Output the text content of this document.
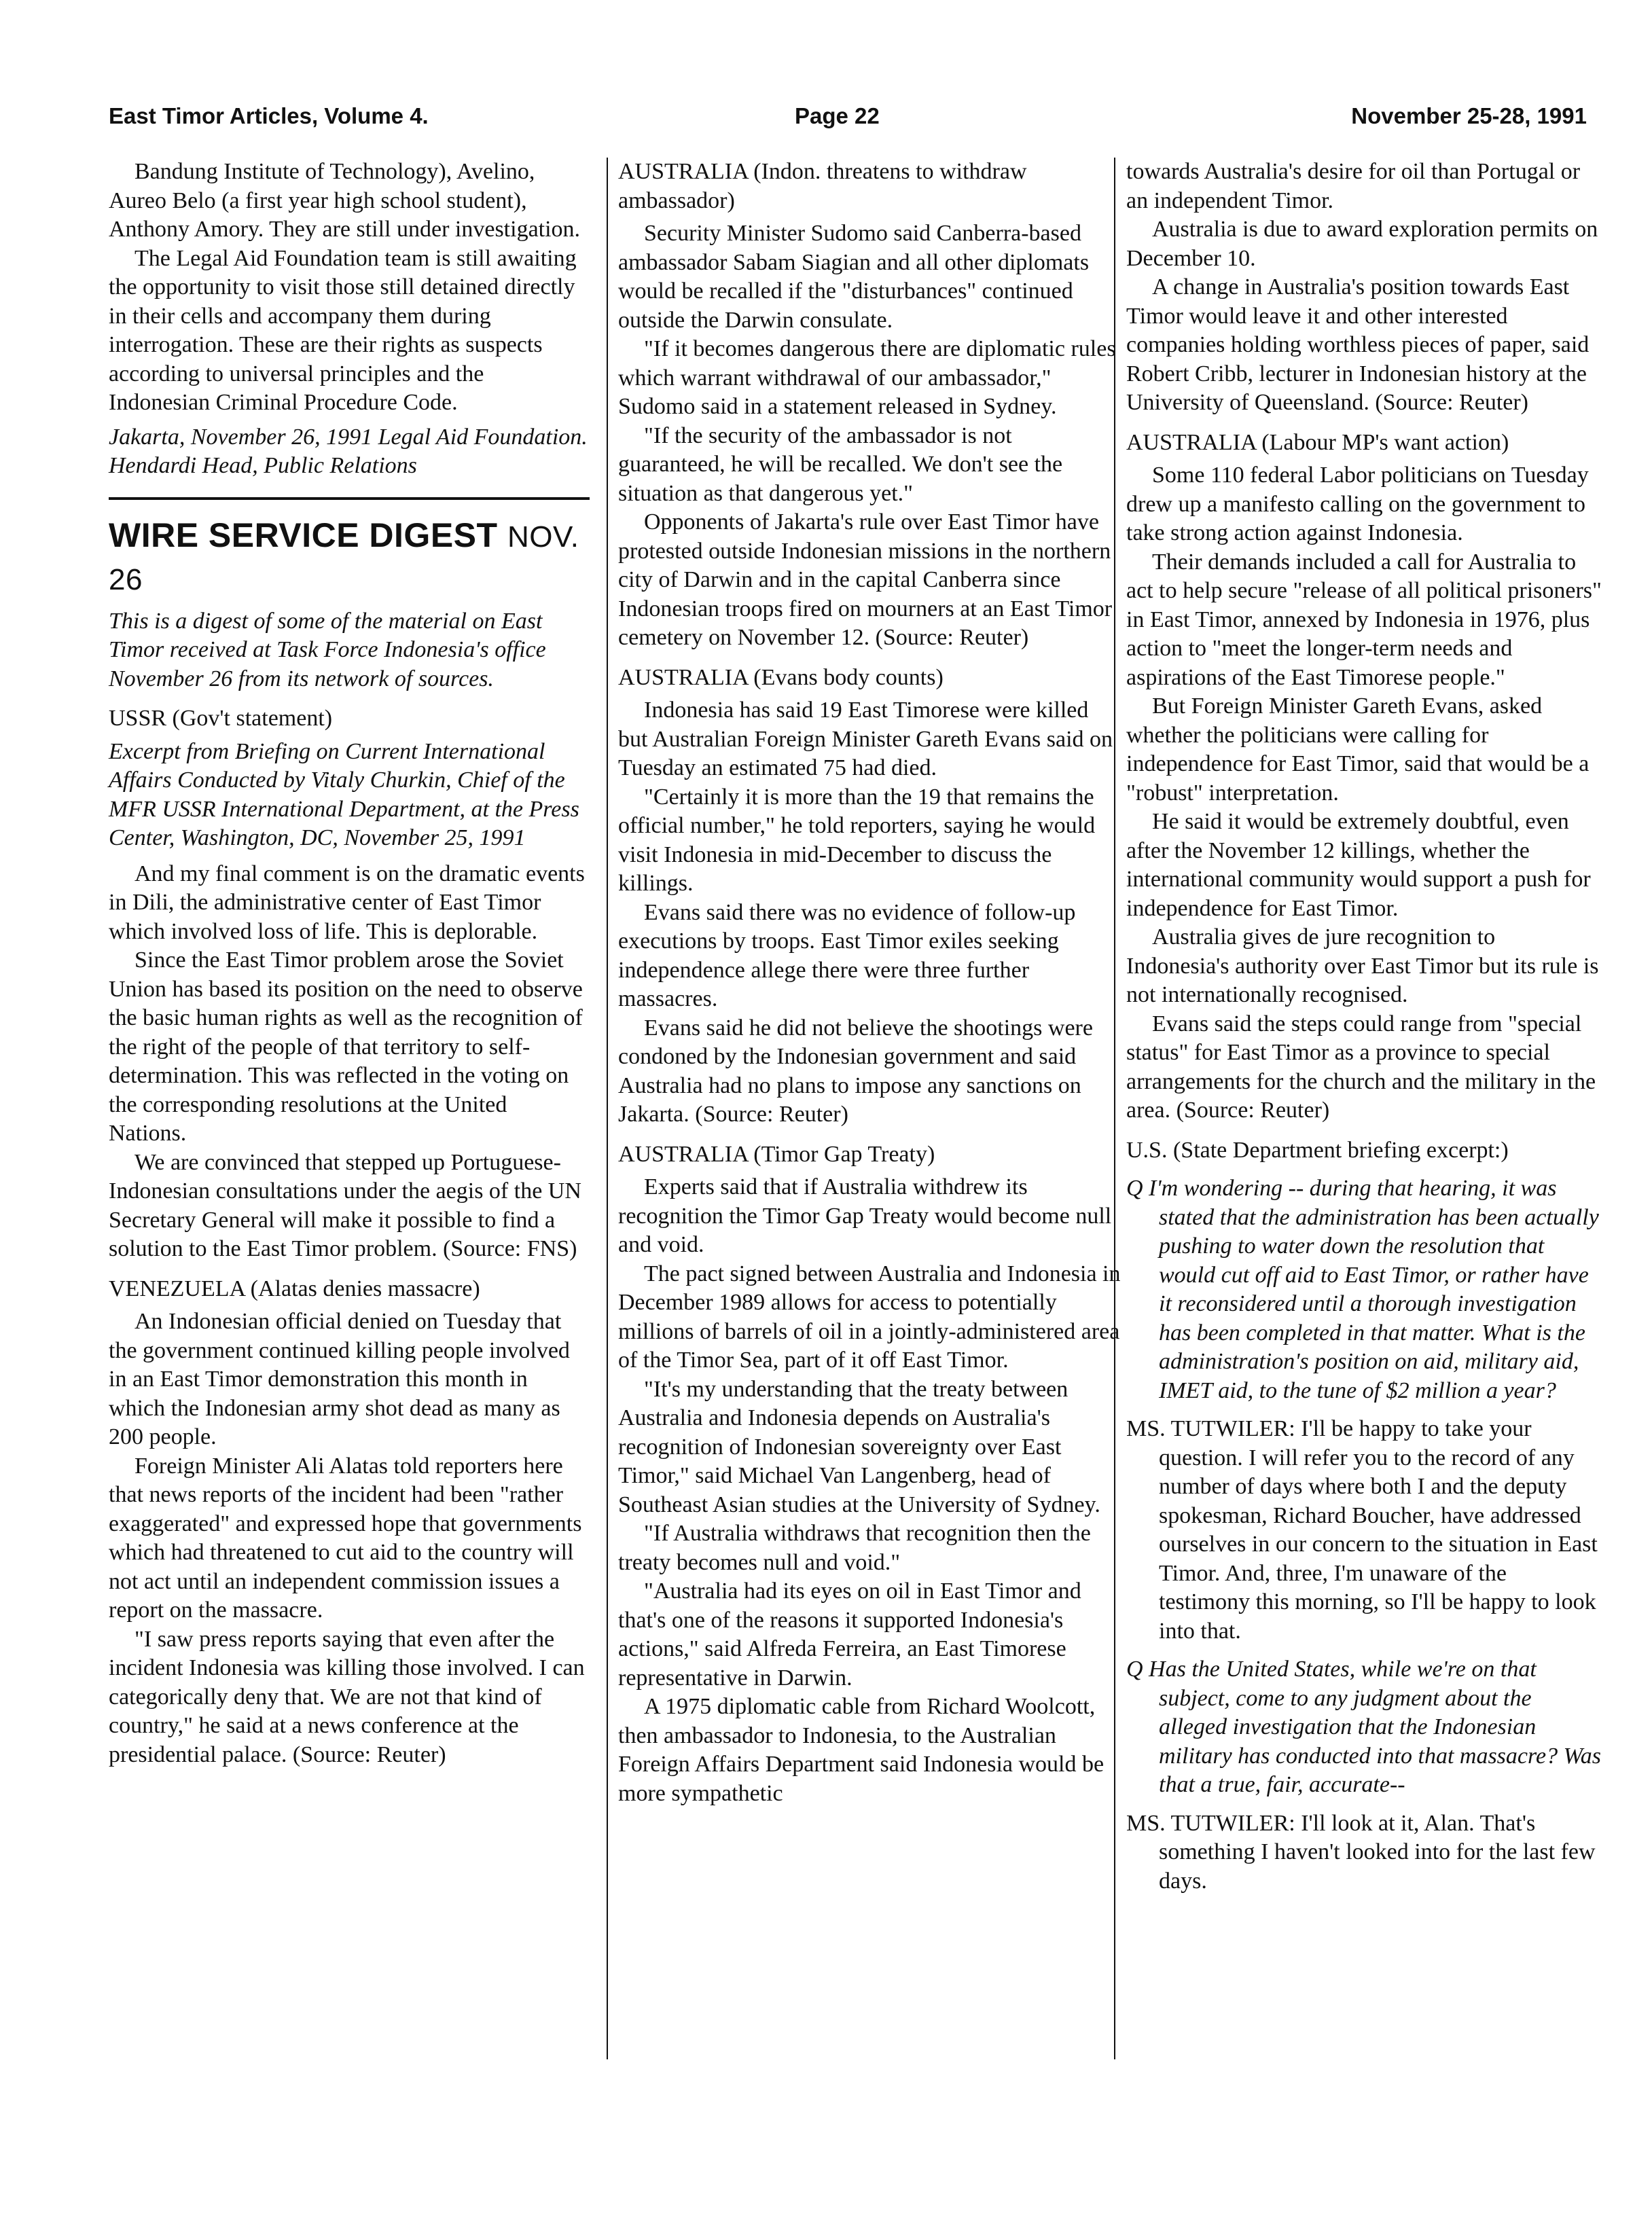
East Timor Articles, Volume 4.	Page 22	November 25-28, 1991

Bandung Institute of Technology), Avelino, Aureo Belo (a first year high school student), Anthony Amory. They are still under investigation.

The Legal Aid Foundation team is still awaiting the opportunity to visit those still detained directly in their cells and accompany them during interrogation. These are their rights as suspects according to universal principles and the Indonesian Criminal Procedure Code.

Jakarta, November 26, 1991 Legal Aid Foundation.

Hendardi Head, Public Relations

WIRE SERVICE DIGEST NOV. 26

This is a digest of some of the material on East Timor received at Task Force Indonesia's office November 26 from its network of sources.

USSR (Gov't statement)

Excerpt from Briefing on Current International Affairs Conducted by Vitaly Churkin, Chief of the MFR USSR International Department, at the Press Center, Washington, DC, November 25, 1991

And my final comment is on the dramatic events in Dili, the administrative center of East Timor which involved loss of life. This is deplorable.

Since the East Timor problem arose the Soviet Union has based its position on the need to observe the basic human rights as well as the recognition of the right of the people of that territory to self-determination. This was reflected in the voting on the corresponding resolutions at the United Nations.

We are convinced that stepped up Portuguese-Indonesian consultations under the aegis of the UN Secretary General will make it possible to find a solution to the East Timor problem. (Source: FNS)

VENEZUELA (Alatas denies massacre)

An Indonesian official denied on Tuesday that the government continued killing people involved in an East Timor demonstration this month in which the Indonesian army shot dead as many as 200 people.

Foreign Minister Ali Alatas told reporters here that news reports of the incident had been "rather exaggerated" and expressed hope that governments which had threatened to cut aid to the country will not act until an independent commission issues a report on the massacre.

"I saw press reports saying that even after the incident Indonesia was killing those involved. I can categorically deny that. We are not that kind of country," he said at a news conference at the presidential palace. (Source: Reuter)

AUSTRALIA (Indon. threatens to withdraw ambassador)

Security Minister Sudomo said Canberra-based ambassador Sabam Siagian and all other diplomats would be recalled if the "disturbances" continued outside the Darwin consulate.

"If it becomes dangerous there are diplomatic rules which warrant withdrawal of our ambassador," Sudomo said in a statement released in Sydney.

"If the security of the ambassador is not guaranteed, he will be recalled. We don't see the situation as that dangerous yet."

Opponents of Jakarta's rule over East Timor have protested outside Indonesian missions in the northern city of Darwin and in the capital Canberra since Indonesian troops fired on mourners at an East Timor cemetery on November 12. (Source: Reuter)

AUSTRALIA (Evans body counts)

Indonesia has said 19 East Timorese were killed but Australian Foreign Minister Gareth Evans said on Tuesday an estimated 75 had died.

"Certainly it is more than the 19 that remains the official number," he told reporters, saying he would visit Indonesia in mid-December to discuss the killings.

Evans said there was no evidence of follow-up executions by troops. East Timor exiles seeking independence allege there were three further massacres.

Evans said he did not believe the shootings were condoned by the Indonesian government and said Australia had no plans to impose any sanctions on Jakarta. (Source: Reuter)

AUSTRALIA (Timor Gap Treaty)

Experts said that if Australia withdrew its recognition the Timor Gap Treaty would become null and void.

The pact signed between Australia and Indonesia in December 1989 allows for access to potentially millions of barrels of oil in a jointly-administered area of the Timor Sea, part of it off East Timor.

"It's my understanding that the treaty between Australia and Indonesia depends on Australia's recognition of Indonesian sovereignty over East Timor," said Michael Van Langenberg, head of Southeast Asian studies at the University of Sydney.

"If Australia withdraws that recognition then the treaty becomes null and void."

"Australia had its eyes on oil in East Timor and that's one of the reasons it supported Indonesia's actions," said Alfreda Ferreira, an East Timorese representative in Darwin.

A 1975 diplomatic cable from Richard Woolcott, then ambassador to Indonesia, to the Australian Foreign Affairs Department said Indonesia would be more sympathetic

towards Australia's desire for oil than Portugal or an independent Timor.

Australia is due to award exploration permits on December 10.

A change in Australia's position towards East Timor would leave it and other interested companies holding worthless pieces of paper, said Robert Cribb, lecturer in Indonesian history at the University of Queensland. (Source: Reuter)

AUSTRALIA (Labour MP's want action)

Some 110 federal Labor politicians on Tuesday drew up a manifesto calling on the government to take strong action against Indonesia.

Their demands included a call for Australia to act to help secure "release of all political prisoners" in East Timor, annexed by Indonesia in 1976, plus action to "meet the longer-term needs and aspirations of the East Timorese people."

But Foreign Minister Gareth Evans, asked whether the politicians were calling for independence for East Timor, said that would be a "robust" interpretation.

He said it would be extremely doubtful, even after the November 12 killings, whether the international community would support a push for independence for East Timor.

Australia gives de jure recognition to Indonesia's authority over East Timor but its rule is not internationally recognised.

Evans said the steps could range from "special status" for East Timor as a province to special arrangements for the church and the military in the area. (Source: Reuter)

U.S. (State Department briefing excerpt:)

Q I'm wondering -- during that hearing, it was stated that the administration has been actually pushing to water down the resolution that would cut off aid to East Timor, or rather have it reconsidered until a thorough investigation has been completed in that matter. What is the administration's position on aid, military aid, IMET aid, to the tune of $2 million a year?

MS. TUTWILER: I'll be happy to take your question. I will refer you to the record of any number of days where both I and the deputy spokesman, Richard Boucher, have addressed ourselves in our concern to the situation in East Timor. And, three, I'm unaware of the testimony this morning, so I'll be happy to look into that.

Q Has the United States, while we're on that subject, come to any judgment about the alleged investigation that the Indonesian military has conducted into that massacre? Was that a true, fair, accurate--

MS. TUTWILER: I'll look at it, Alan. That's something I haven't looked into for the last few days.
